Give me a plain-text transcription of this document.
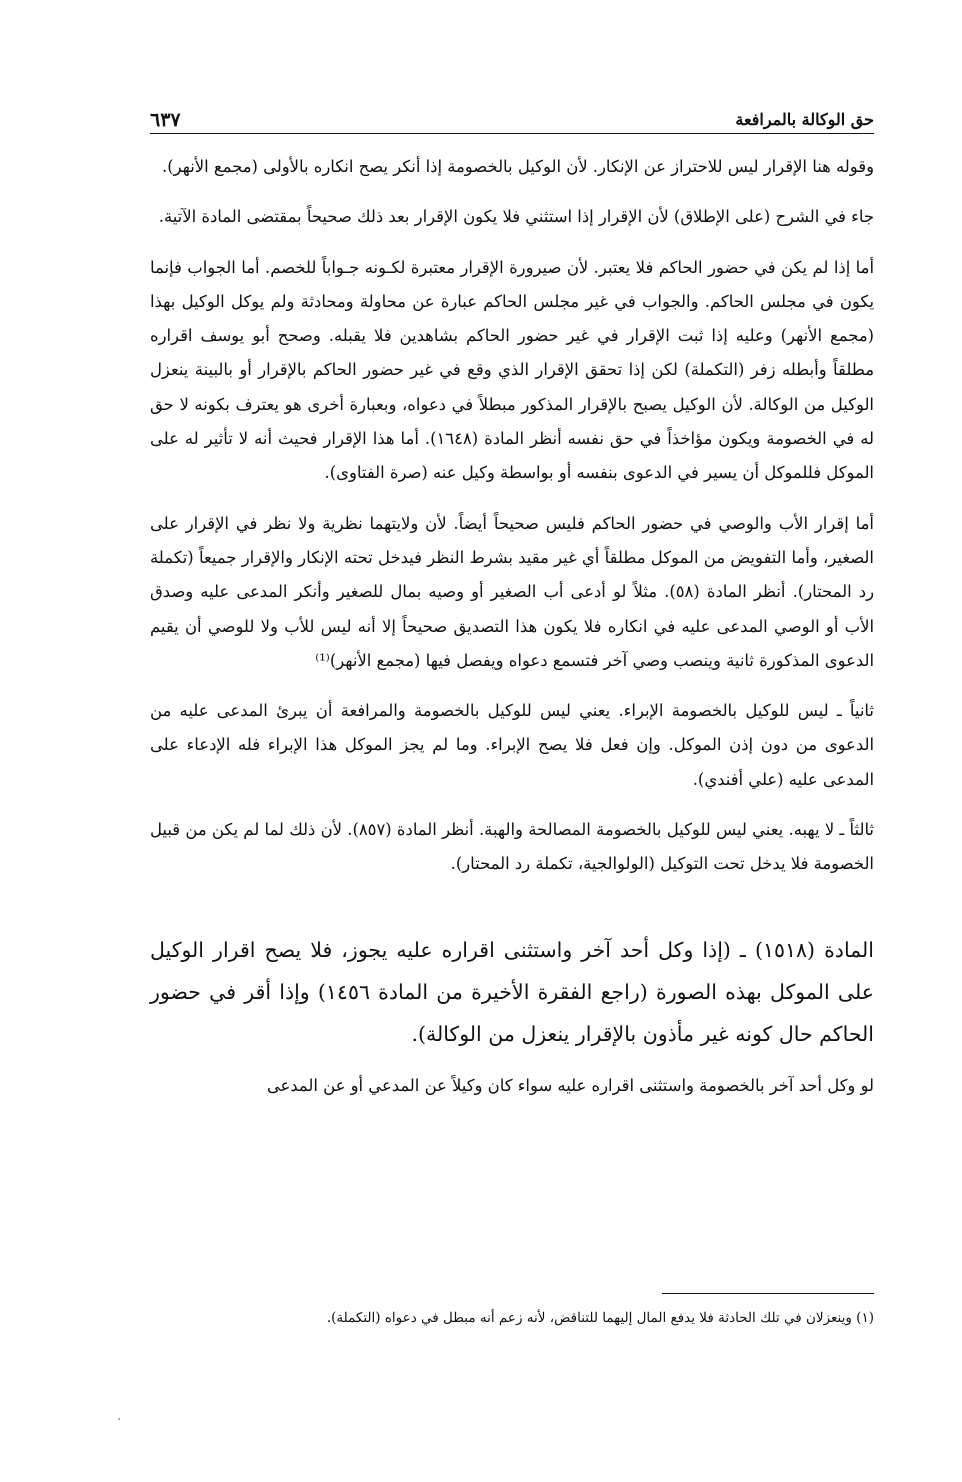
حق الوكالة بالمرافعة
٦٣٧

وقوله هنا الإقرار ليس للاحتراز عن الإنكار. لأن الوكيل بالخصومة إذا أنكر يصح انكاره بالأولى (مجمع الأنهر).

جاء في الشرح (على الإطلاق) لأن الإقرار إذا استثني فلا يكون الإقرار بعد ذلك صحيحاً بمقتضى المادة الآتية.

أما إذا لم يكن في حضور الحاكم فلا يعتبر. لأن صيرورة الإقرار معتبرة لكـونه جـواباً للخصم. أما الجواب فإنما يكون في مجلس الحاكم. والجواب في غير مجلس الحاكم عبارة عن محاولة ومحادثة ولم يوكل الوكيل بهذا (مجمع الأنهر) وعليه إذا ثبت الإقرار في غير حضور الحاكم بشاهدين فلا يقبله. وصحح أبو يوسف اقراره مطلقاً وأبطله زفر (التكملة) لكن إذا تحقق الإقرار الذي وقع في غير حضور الحاكم بالإقرار أو بالبينة ينعزل الوكيل من الوكالة. لأن الوكيل يصبح بالإقرار المذكور مبطلاً في دعواه، وبعبارة أخرى هو يعترف بكونه لا حق له في الخصومة ويكون مؤاخذاً في حق نفسه أنظر المادة (١٦٤٨). أما هذا الإقرار فحيث أنه لا تأثير له على الموكل فللموكل أن يسير في الدعوى بنفسه أو بواسطة وكيل عنه (صرة الفتاوى).

أما إقرار الأب والوصي في حضور الحاكم فليس صحيحاً أيضاً. لأن ولايتهما نظرية ولا نظر في الإقرار على الصغير، وأما التفويض من الموكل مطلقاً أي غير مقيد بشرط النظر فيدخل تحته الإنكار والإقرار جميعاً (تكملة رد المحتار). أنظر المادة (٥٨). مثلاً لو أدعى أب الصغير أو وصيه بمال للصغير وأنكر المدعى عليه وصدق الأب أو الوصي المدعى عليه في انكاره فلا يكون هذا التصديق صحيحاً إلا أنه ليس للأب ولا للوصي أن يقيم الدعوى المذكورة ثانية وينصب وصي آخر فتسمع دعواه ويفصل فيها (مجمع الأنهر)⁽¹⁾

ثانياً ـ ليس للوكيل بالخصومة الإبراء. يعني ليس للوكيل بالخصومة والمرافعة أن يبرئ المدعى عليه من الدعوى من دون إذن الموكل. وإن فعل فلا يصح الإبراء. وما لم يجز الموكل هذا الإبراء فله الإدعاء على المدعى عليه (علي أفندي).

ثالثاً ـ لا يهبه. يعني ليس للوكيل بالخصومة المصالحة والهبة. أنظر المادة (٨٥٧). لأن ذلك لما لم يكن من قبيل الخصومة فلا يدخل تحت التوكيل (الولوالجية، تكملة رد المحتار).

المادة (١٥١٨) ـ (إذا وكل أحد آخر واستثنى اقراره عليه يجوز، فلا يصح اقرار الوكيل على الموكل بهذه الصورة (راجع الفقرة الأخيرة من المادة ١٤٥٦) وإذا أقر في حضور الحاكم حال كونه غير مأذون بالإقرار ينعزل من الوكالة).

لو وكل أحد آخر بالخصومة واستثنى اقراره عليه سواء كان وكيلاً عن المدعي أو عن المدعى

(١) وينعزلان في تلك الحادثة فلا يدفع المال إليهما للتناقض، لأنه زعم أنه مبطل في دعواه (التكملة).
